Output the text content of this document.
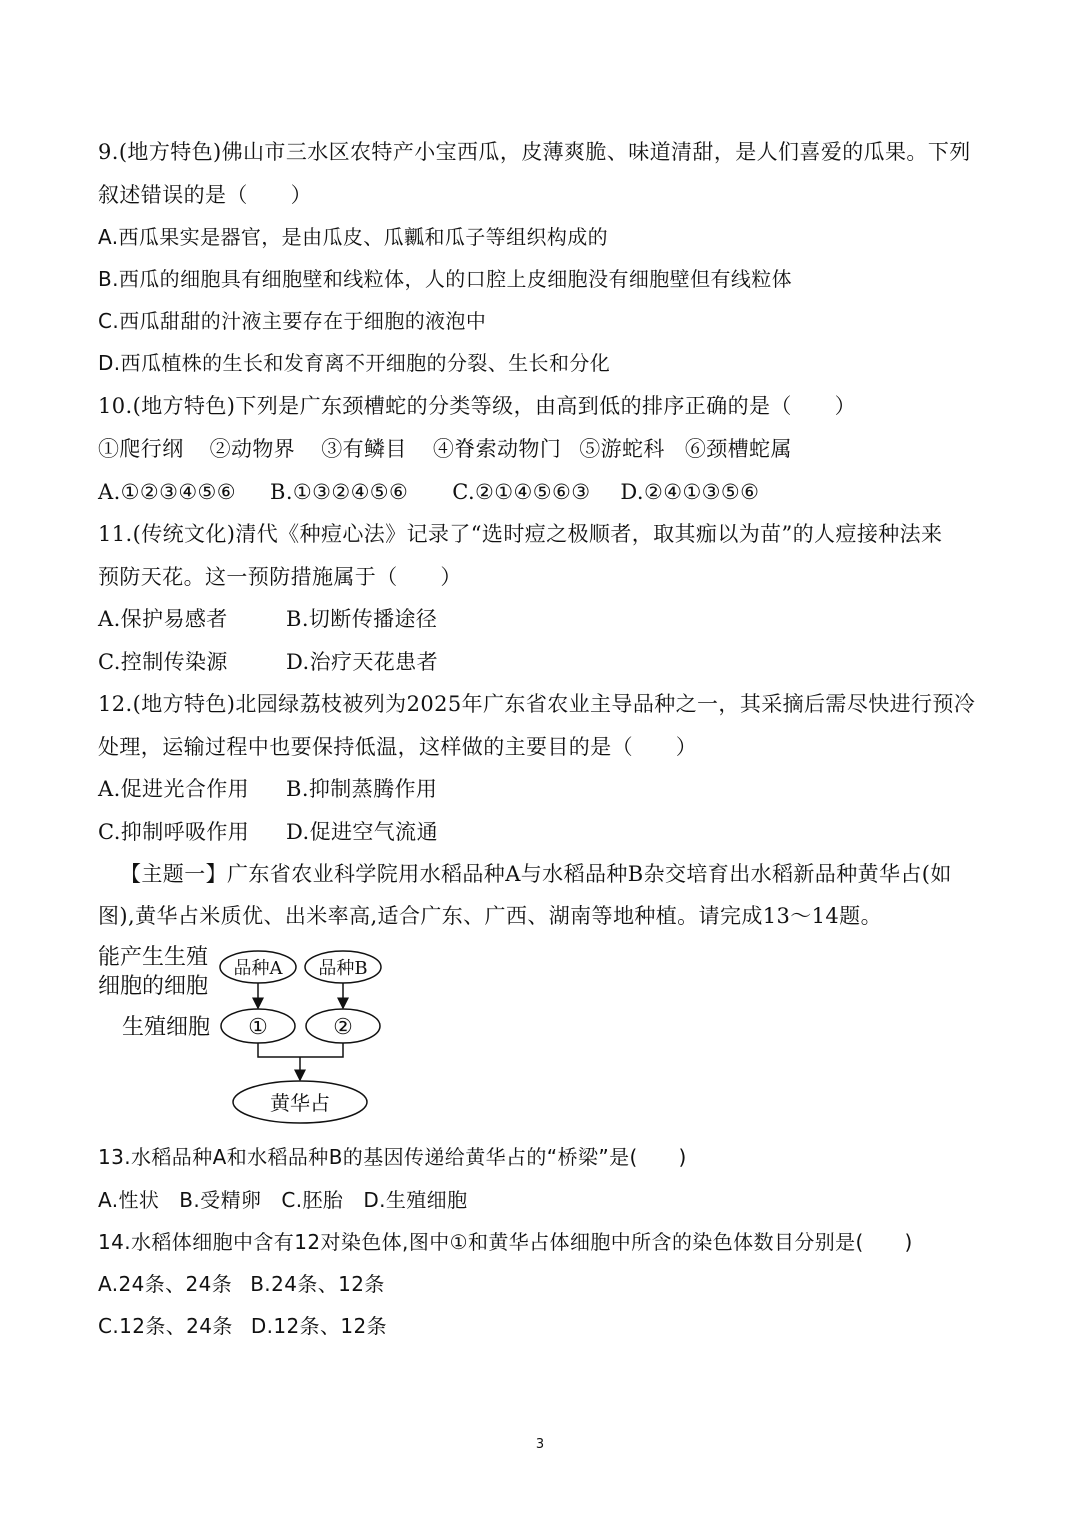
9.(地方特色)佛山市三水区农特产小宝西瓜，皮薄爽脆、味道清甜，是人们喜爱的瓜果。下列
叙述错误的是（　　）
A.西瓜果实是器官，是由瓜皮、瓜瓤和瓜子等组织构成的
B.西瓜的细胞具有细胞壁和线粒体，人的口腔上皮细胞没有细胞壁但有线粒体
C.西瓜甜甜的汁液主要存在于细胞的液泡中
D.西瓜植株的生长和发育离不开细胞的分裂、生长和分化
10.(地方特色)下列是广东颈槽蛇的分类等级，由高到低的排序正确的是（　　）
①爬行纲 ②动物界 ③有鳞目 ④脊索动物门 ⑤游蛇科 ⑥颈槽蛇属
A.①②③④⑤⑥ B.①③②④⑤⑥ C.②①④⑤⑥③ D.②④①③⑤⑥
11.(传统文化)清代《种痘心法》记录了“选时痘之极顺者，取其痂以为苗”的人痘接种法来
预防天花。这一预防措施属于（　　）
A.保护易感者	B.切断传播途径
C.控制传染源	D.治疗天花患者
12.(地方特色)北园绿荔枝被列为2025年广东省农业主导品种之一，其采摘后需尽快进行预冷
处理，运输过程中也要保持低温，这样做的主要目的是（　　）
A.促进光合作用 B.抑制蒸腾作用
C.抑制呼吸作用 D.促进空气流通
【主题一】广东省农业科学院用水稻品种A与水稻品种B杂交培育出水稻新品种黄华占(如
图),黄华占米质优、出米率高,适合广东、广西、湖南等地种植。请完成13～14题。
能产生生殖
细胞的细胞
生殖细胞
品种A 品种B
①	②
黄华占
13.水稻品种A和水稻品种B的基因传递给黄华占的“桥梁”是(　　)
A.性状 B.受精卵 C.胚胎 D.生殖细胞
14.水稻体细胞中含有12对染色体,图中①和黄华占体细胞中所含的染色体数目分别是(　　)
A.24条、24条 B.24条、12条
C.12条、24条 D.12条、12条
3
